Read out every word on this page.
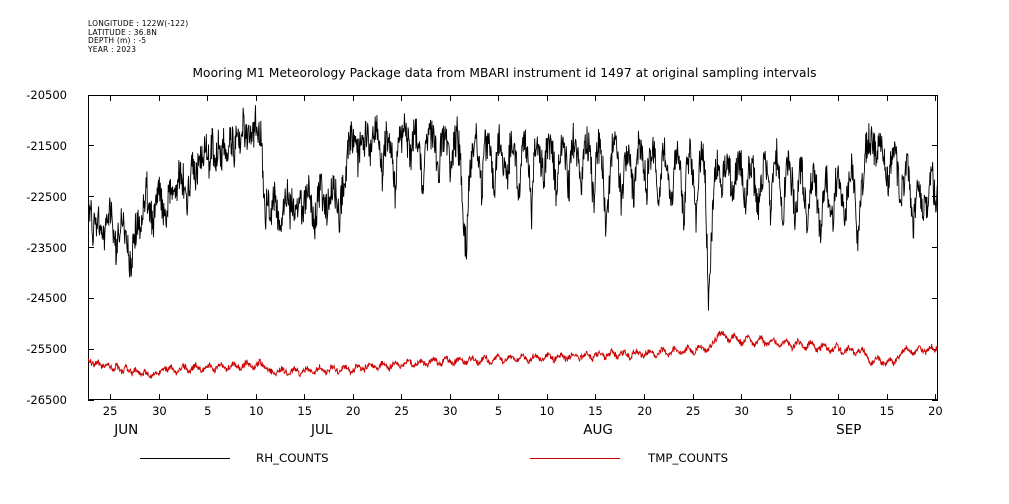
LONGITUDE : 122W(-122)
LATITUDE : 36.8N
DEPTH (m) : -5
YEAR : 2023
Mooring M1 Meteorology Package data from MBARI instrument id 1497 at original sampling intervals
-20500
-21500
-22500
-23500
-24500
-25500
-26500
25	30	5	10	15	20	25	30	5	10	15	20	25	30	5	10	15	20
JUN	JUL	AUG	SEP
RH_COUNTS	TMP_COUNTS
